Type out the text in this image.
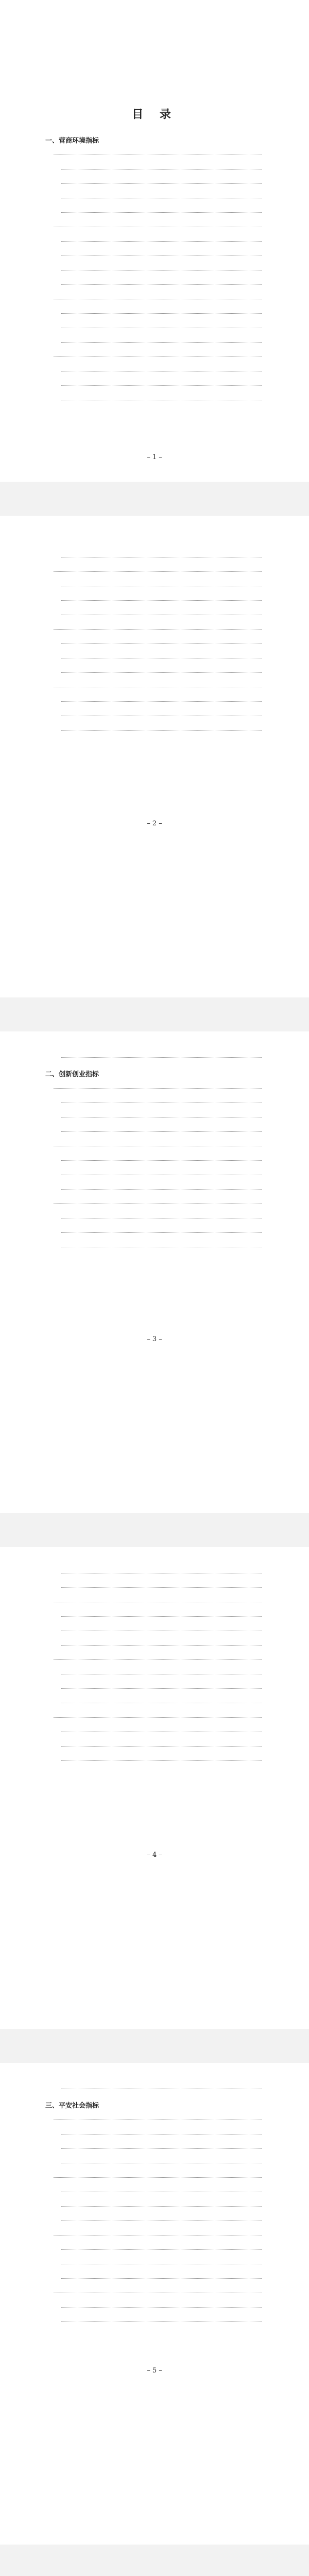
目 录
一、营商环境指标
– 1 –
– 2 –
二、创新创业指标
– 3 –
– 4 –
三、平安社会指标
– 5 –
